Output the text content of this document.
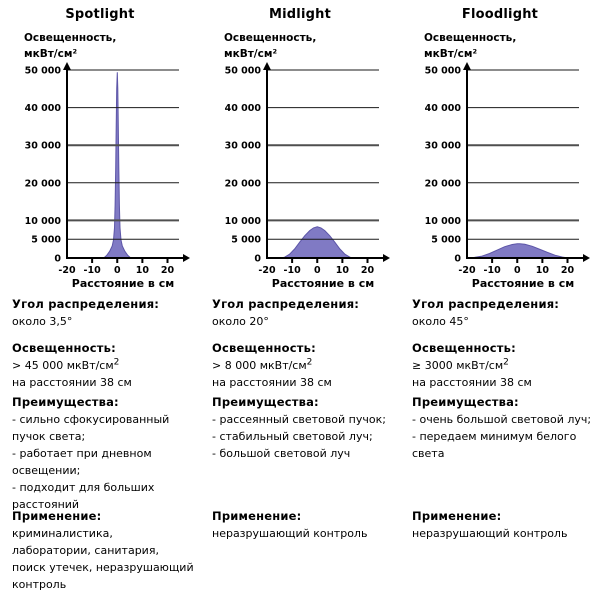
Spotlight
Освещенность,
мкВт/см²
50 000
40 000
30 000
20 000
10 000
5 000
0
-20 -10 0 10 20
Расстояние в см
Угол распределения:
около 3,5°
Освещенность:
> 45 000 мкВт/$см^2$
на расстоянии 38 см
Преимущества:
- сильно сфокусированный пучок света;
- работает при дневном освещении;
- подходит для больших расстояний
Применение:
криминалистика, лаборатории, санитария, поиск утечек, неразрушающий контроль
Midlight
Освещенность,
мкВт/см²
50 000
40 000
30 000
20 000
10 000
5 000
0
-20 -10 0 10 20
Расстояние в см
Угол распределения:
около 20°
Освещенность:
> 8 000 мкВт/$см^2$
на расстоянии 38 см
Преимущества:
- рассеянный световой пучок;
- стабильный световой луч;
- большой световой луч
Применение:
неразрушающий контроль
Floodlight
Освещенность,
мкВт/см²
50 000
40 000
30 000
20 000
10 000
5 000
0
-20 -10 0 10 20
Расстояние в см
Угол распределения:
около 45°
Освещенность:
≥ 3000 мкВт/$см^2$
на расстоянии 38 см
Преимущества:
- очень большой световой луч;
- передаем минимум белого света
Применение:
неразрушающий контроль
